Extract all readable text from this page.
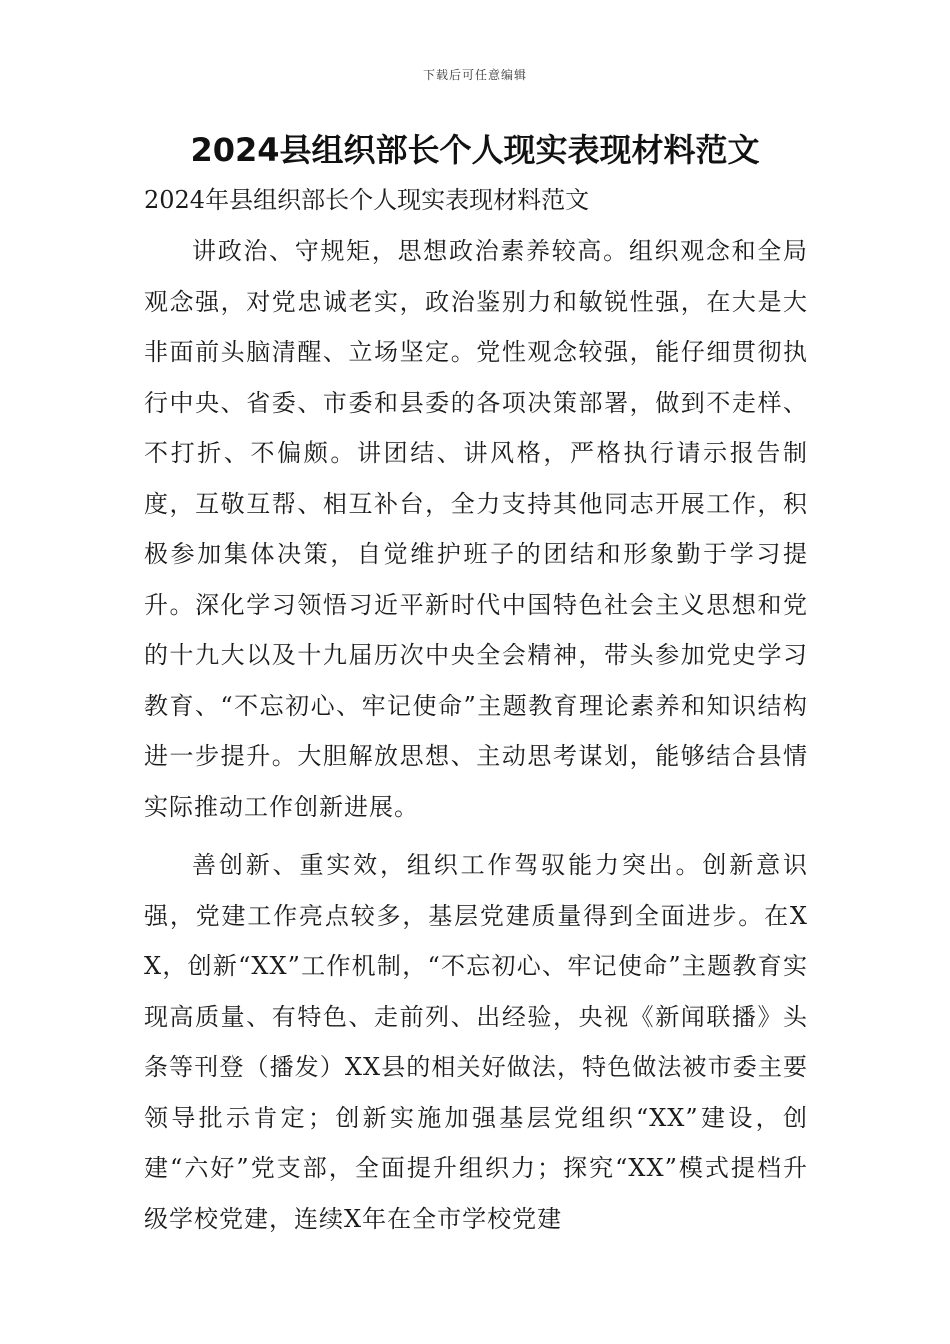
下载后可任意编辑
2024县组织部长个人现实表现材料范文
2024年县组织部长个人现实表现材料范文

讲政治、守规矩，思想政治素养较高。组织观念和全局观念强，对党忠诚老实，政治鉴别力和敏锐性强，在大是大非面前头脑清醒、立场坚定。党性观念较强，能仔细贯彻执行中央、省委、市委和县委的各项决策部署，做到不走样、不打折、不偏颇。讲团结、讲风格，严格执行请示报告制度，互敬互帮、相互补台，全力支持其他同志开展工作，积极参加集体决策，自觉维护班子的团结和形象勤于学习提升。深化学习领悟习近平新时代中国特色社会主义思想和党的十九大以及十九届历次中央全会精神，带头参加党史学习教育、“不忘初心、牢记使命”主题教育理论素养和知识结构进一步提升。大胆解放思想、主动思考谋划，能够结合县情实际推动工作创新进展。

善创新、重实效，组织工作驾驭能力突出。创新意识强，党建工作亮点较多，基层党建质量得到全面进步。在XX，创新“XX”工作机制，“不忘初心、牢记使命”主题教育实现高质量、有特色、走前列、出经验，央视《新闻联播》头条等刊登（播发）XX县的相关好做法，特色做法被市委主要领导批示肯定；创新实施加强基层党组织“XX”建设，创建“六好”党支部，全面提升组织力；探究“XX”模式提档升级学校党建，连续X年在全市学校党建
